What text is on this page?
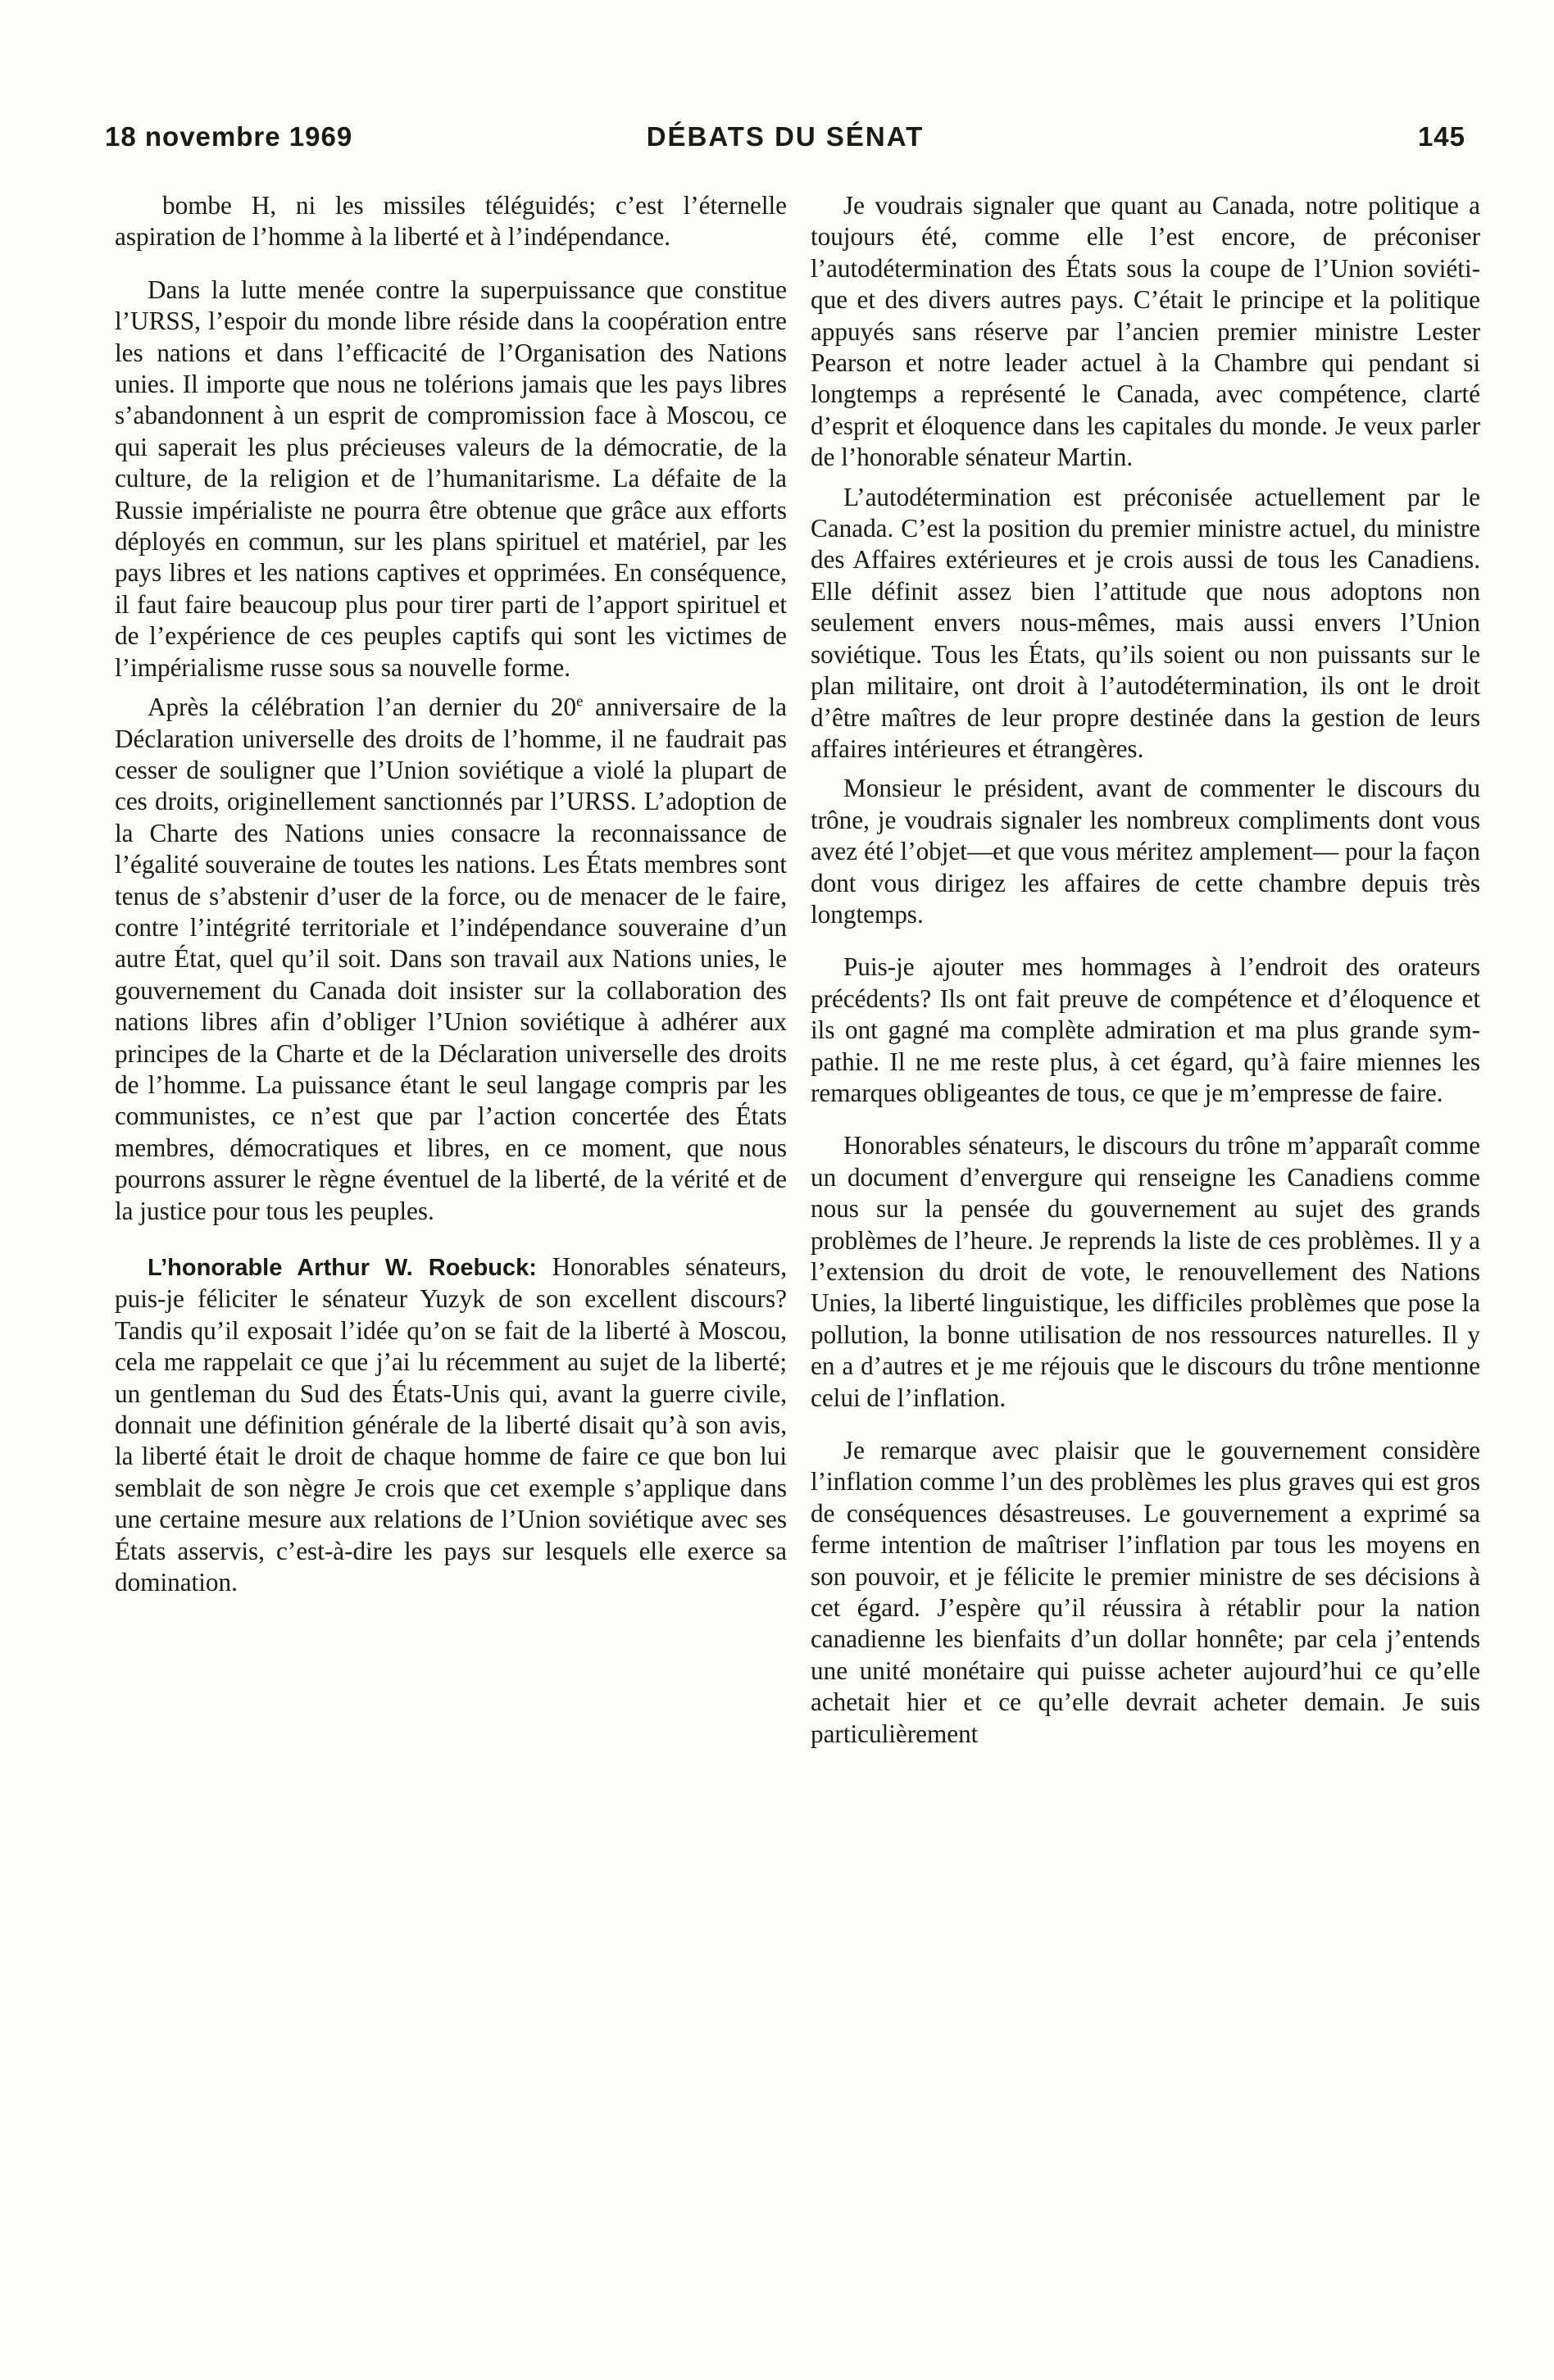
18 novembre 1969	DÉBATS DU SÉNAT	145

bombe H, ni les missiles téléguidés; c’est l’éternelle aspiration de l’homme à la liberté et à l’indépendance.

Dans la lutte menée contre la superpuissance que constitue l’URSS, l’espoir du monde libre réside dans la coopération entre les nations et dans l’efficacité de l’Organisation des Nations unies. Il importe que nous ne tolérions jamais que les pays libres s’abandonnent à un esprit de compromission face à Moscou, ce qui saperait les plus précieuses valeurs de la démocratie, de la culture, de la religion et de l’humanitarisme. La défaite de la Russie impérialiste ne pourra être obtenue que grâce aux efforts déployés en commun, sur les plans spirituel et matériel, par les pays libres et les nations captives et opprimées. En conséquence, il faut faire beaucoup plus pour tirer parti de l’apport spirituel et de l’expérience de ces peuples captifs qui sont les victimes de l’impérialisme russe sous sa nouvelle forme.

Après la célébration l’an dernier du 20e anniversaire de la Déclaration universelle des droits de l’homme, il ne faudrait pas cesser de souligner que l’Union soviétique a violé la plupart de ces droits, originellement sanctionnés par l’URSS. L’adoption de la Charte des Nations unies consacre la reconnaissance de l’égalité souveraine de toutes les nations. Les États membres sont tenus de s’abstenir d’user de la force, ou de menacer de le faire, contre l’intégrité territoriale et l’indépendance souveraine d’un autre État, quel qu’il soit. Dans son travail aux Nations unies, le gouvernement du Canada doit insister sur la collaboration des nations libres afin d’obliger l’Union soviétique à adhérer aux principes de la Charte et de la Déclaration universelle des droits de l’homme. La puissance étant le seul langage compris par les communistes, ce n’est que par l’action concertée des États membres, démocratiques et libres, en ce moment, que nous pourrons assurer le règne éventuel de la liberté, de la vérité et de la justice pour tous les peuples.

L’honorable Arthur W. Roebuck: Honorables sénateurs, puis-je féliciter le sénateur Yuzyk de son excellent discours? Tandis qu’il exposait l’idée qu’on se fait de la liberté à Moscou, cela me rappelait ce que j’ai lu récemment au sujet de la liberté; un gentleman du Sud des États-Unis qui, avant la guerre civile, donnait une définition générale de la liberté disait qu’à son avis, la liberté était le droit de chaque homme de faire ce que bon lui semblait de son nègre Je crois que cet exemple s’applique dans une certaine mesure aux relations de l’Union soviétique avec ses États asservis, c’est-à-dire les pays sur lesquels elle exerce sa domination.

Je voudrais signaler que quant au Canada, notre politique a toujours été, comme elle l’est encore, de préconiser l’autodétermination des États sous la coupe de l’Union soviétique et des divers autres pays. C’était le principe et la politique appuyés sans réserve par l’ancien premier ministre Lester Pearson et notre leader actuel à la Chambre qui pendant si longtemps a représenté le Canada, avec compétence, clarté d’esprit et éloquence dans les capitales du monde. Je veux parler de l’honorable sénateur Martin.

L’autodétermination est préconisée actuellement par le Canada. C’est la position du premier ministre actuel, du ministre des Affaires extérieures et je crois aussi de tous les Canadiens. Elle définit assez bien l’attitude que nous adoptons non seulement envers nous-mêmes, mais aussi envers l’Union soviétique. Tous les États, qu’ils soient ou non puissants sur le plan militaire, ont droit à l’autodétermination, ils ont le droit d’être maîtres de leur propre destinée dans la gestion de leurs affaires intérieures et étrangères.

Monsieur le président, avant de commenter le discours du trône, je voudrais signaler les nombreux compliments dont vous avez été l’objet—et que vous méritez amplement— pour la façon dont vous dirigez les affaires de cette chambre depuis très longtemps.

Puis-je ajouter mes hommages à l’endroit des orateurs précédents? Ils ont fait preuve de compétence et d’éloquence et ils ont gagné ma complète admiration et ma plus grande sympathie. Il ne me reste plus, à cet égard, qu’à faire miennes les remarques obligeantes de tous, ce que je m’empresse de faire.

Honorables sénateurs, le discours du trône m’apparaît comme un document d’envergure qui renseigne les Canadiens comme nous sur la pensée du gouvernement au sujet des grands problèmes de l’heure. Je reprends la liste de ces problèmes. Il y a l’extension du droit de vote, le renouvellement des Nations Unies, la liberté linguistique, les difficiles problèmes que pose la pollution, la bonne utilisation de nos ressources naturelles. Il y en a d’autres et je me réjouis que le discours du trône mentionne celui de l’inflation.

Je remarque avec plaisir que le gouvernement considère l’inflation comme l’un des problèmes les plus graves qui est gros de conséquences désastreuses. Le gouvernement a exprimé sa ferme intention de maîtriser l’inflation par tous les moyens en son pouvoir, et je félicite le premier ministre de ses décisions à cet égard. J’espère qu’il réussira à rétablir pour la nation canadienne les bienfaits d’un dollar honnête; par cela j’entends une unité monétaire qui puisse acheter aujourd’hui ce qu’elle achetait hier et ce qu’elle devrait acheter demain. Je suis particulièrement
